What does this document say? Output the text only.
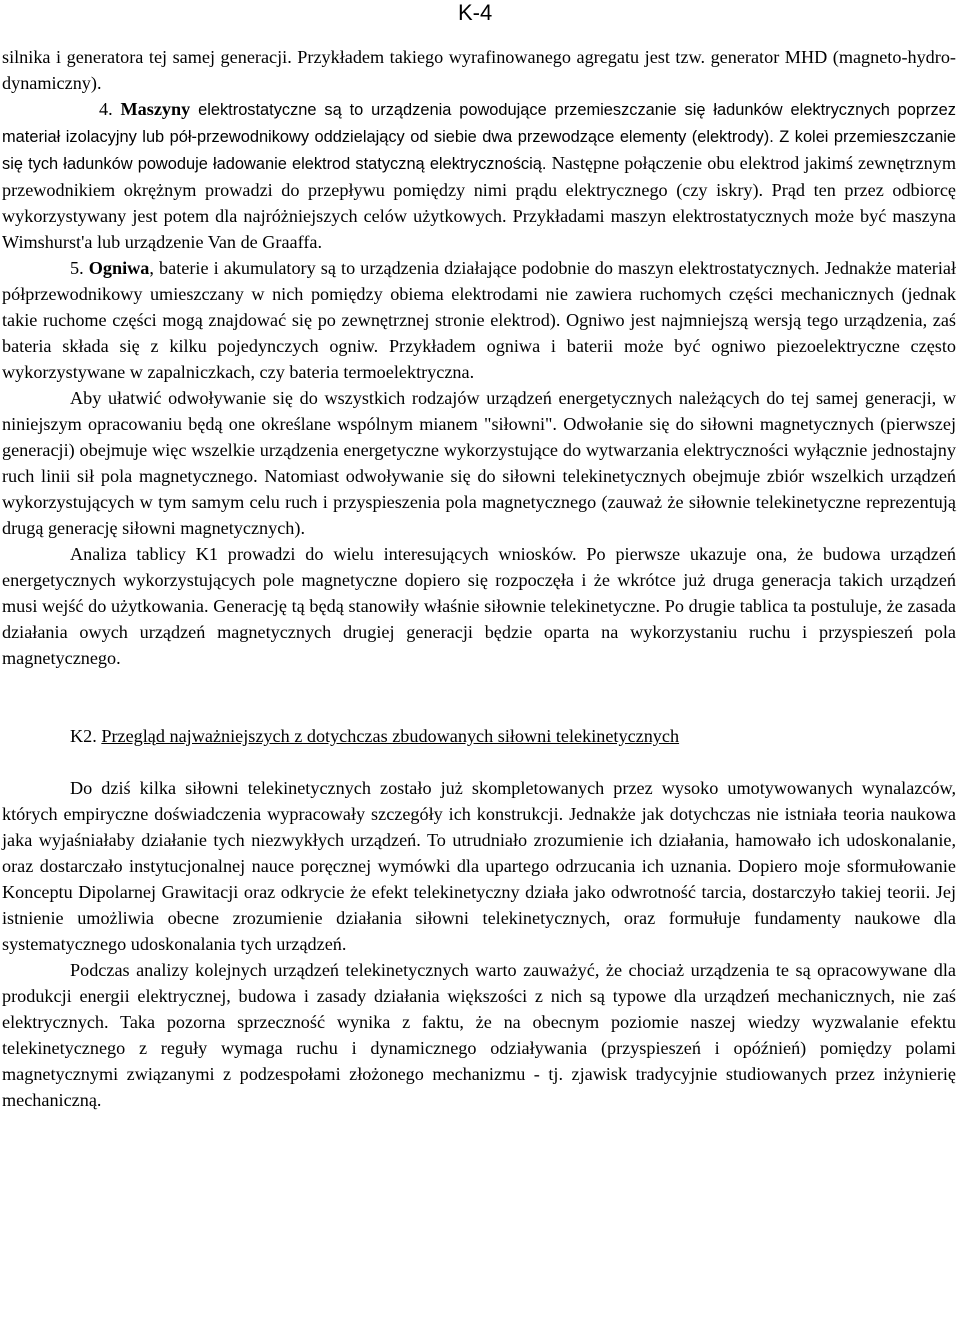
K-4

silnika i generatora tej samej generacji. Przykładem takiego wyrafinowanego agregatu jest tzw. generator MHD (magneto-hydro-dynamiczny).

4. Maszyny elektrostatyczne są to urządzenia powodujące przemieszczanie się ładunków elektrycznych poprzez materiał izolacyjny lub pół-przewodnikowy oddzielający od siebie dwa przewodzące elementy (elektrody). Z kolei przemieszczanie się tych ładunków powoduje ładowanie elektrod statyczną elektrycznością. Następne połączenie obu elektrod jakimś zewnętrznym przewodnikiem okrężnym prowadzi do przepływu pomiędzy nimi prądu elektrycznego (czy iskry). Prąd ten przez odbiorcę wykorzystywany jest potem dla najróżniejszych celów użytkowych. Przykładami maszyn elektrostatycznych może być maszyna Wimshurst'a lub urządzenie Van de Graaffa.

5. Ogniwa, baterie i akumulatory są to urządzenia działające podobnie do maszyn elektrostatycznych. Jednakże materiał półprzewodnikowy umieszczany w nich pomiędzy obiema elektrodami nie zawiera ruchomych części mechanicznych (jednak takie ruchome części mogą znajdować się po zewnętrznej stronie elektrod). Ogniwo jest najmniejszą wersją tego urządzenia, zaś bateria składa się z kilku pojedynczych ogniw. Przykładem ogniwa i baterii może być ogniwo piezoelektryczne często wykorzystywane w zapalniczkach, czy bateria termoelektryczna.

Aby ułatwić odwoływanie się do wszystkich rodzajów urządzeń energetycznych należących do tej samej generacji, w niniejszym opracowaniu będą one określane wspólnym mianem "siłowni". Odwołanie się do siłowni magnetycznych (pierwszej generacji) obejmuje więc wszelkie urządzenia energetyczne wykorzystujące do wytwarzania elektryczności wyłącznie jednostajny ruch linii sił pola magnetycznego. Natomiast odwoływanie się do siłowni telekinetycznych obejmuje zbiór wszelkich urządzeń wykorzystujących w tym samym celu ruch i przyspieszenia pola magnetycznego (zauważ że siłownie telekinetyczne reprezentują drugą generację siłowni magnetycznych).

Analiza tablicy K1 prowadzi do wielu interesujących wniosków. Po pierwsze ukazuje ona, że budowa urządzeń energetycznych wykorzystujących pole magnetyczne dopiero się rozpoczęła i że wkrótce już druga generacja takich urządzeń musi wejść do użytkowania. Generację tą będą stanowiły właśnie siłownie telekinetyczne. Po drugie tablica ta postuluje, że zasada działania owych urządzeń magnetycznych drugiej generacji będzie oparta na wykorzystaniu ruchu i przyspieszeń pola magnetycznego.

K2. Przegląd najważniejszych z dotychczas zbudowanych siłowni telekinetycznych

Do dziś kilka siłowni telekinetycznych zostało już skompletowanych przez wysoko umotywowanych wynalazców, których empiryczne doświadczenia wypracowały szczegóły ich konstrukcji. Jednakże jak dotychczas nie istniała teoria naukowa jaka wyjaśniałaby działanie tych niezwykłych urządzeń. To utrudniało zrozumienie ich działania, hamowało ich udoskonalanie, oraz dostarczało instytucjonalnej nauce poręcznej wymówki dla upartego odrzucania ich uznania. Dopiero moje sformułowanie Konceptu Dipolarnej Grawitacji oraz odkrycie że efekt telekinetyczny działa jako odwrotność tarcia, dostarczyło takiej teorii. Jej istnienie umożliwia obecne zrozumienie działania siłowni telekinetycznych, oraz formułuje fundamenty naukowe dla systematycznego udoskonalania tych urządzeń.

Podczas analizy kolejnych urządzeń telekinetycznych warto zauważyć, że chociaż urządzenia te są opracowywane dla produkcji energii elektrycznej, budowa i zasady działania większości z nich są typowe dla urządzeń mechanicznych, nie zaś elektrycznych. Taka pozorna sprzeczność wynika z faktu, że na obecnym poziomie naszej wiedzy wyzwalanie efektu telekinetycznego z reguły wymaga ruchu i dynamicznego odziaływania (przyspieszeń i opóźnień) pomiędzy polami magnetycznymi związanymi z podzespołami złożonego mechanizmu - tj. zjawisk tradycyjnie studiowanych przez inżynierię mechaniczną.
